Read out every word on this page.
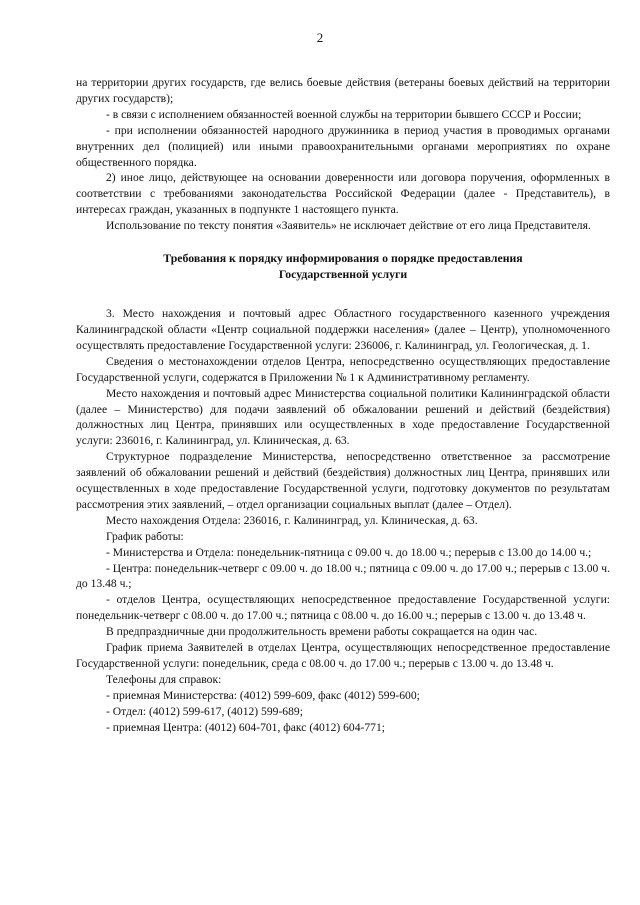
2

на территории других государств, где велись боевые действия (ветераны боевых действий на территории других государств);

- в связи с исполнением обязанностей военной службы на территории бывшего СССР и России;

- при исполнении обязанностей народного дружинника в период участия в проводимых органами внутренних дел (полицией) или иными правоохранительными органами мероприятиях по охране общественного порядка.

2) иное лицо, действующее на основании доверенности или договора поручения, оформленных в соответствии с требованиями законодательства Российской Федерации (далее - Представитель), в интересах граждан, указанных в подпункте 1 настоящего пункта.

Использование по тексту понятия «Заявитель» не исключает действие от его лица Представителя.

Требования к порядку информирования о порядке предоставления
Государственной услуги

3. Место нахождения и почтовый адрес Областного государственного казенного учреждения Калининградской области «Центр социальной поддержки населения» (далее – Центр), уполномоченного осуществлять предоставление Государственной услуги: 236006, г. Калининград, ул. Геологическая, д. 1.

Сведения о местонахождении отделов Центра, непосредственно осуществляющих предоставление Государственной услуги, содержатся в Приложении № 1 к Административному регламенту.

Место нахождения и почтовый адрес Министерства социальной политики Калининградской области (далее – Министерство) для подачи заявлений об обжаловании решений и действий (бездействия) должностных лиц Центра, принявших или осуществленных в ходе предоставление Государственной услуги: 236016, г. Калининград, ул. Клиническая, д. 63.

Структурное подразделение Министерства, непосредственно ответственное за рассмотрение заявлений об обжаловании решений и действий (бездействия) должностных лиц Центра, принявших или осуществленных в ходе предоставление Государственной услуги, подготовку документов по результатам рассмотрения этих заявлений, – отдел организации социальных выплат (далее – Отдел).

Место нахождения Отдела: 236016, г. Калининград, ул. Клиническая, д. 63.

График работы:

- Министерства и Отдела: понедельник-пятница с 09.00 ч. до 18.00 ч.; перерыв с 13.00 до 14.00 ч.;

- Центра: понедельник-четверг с 09.00 ч. до 18.00 ч.; пятница с 09.00 ч. до 17.00 ч.; перерыв с 13.00 ч. до 13.48 ч.;

- отделов Центра, осуществляющих непосредственное предоставление Государственной услуги: понедельник-четверг с 08.00 ч. до 17.00 ч.; пятница с 08.00 ч. до 16.00 ч.; перерыв с 13.00 ч. до 13.48 ч.

В предпраздничные дни продолжительность времени работы сокращается на один час.

График приема Заявителей в отделах Центра, осуществляющих непосредственное предоставление Государственной услуги: понедельник, среда с 08.00 ч. до 17.00 ч.; перерыв с 13.00 ч. до 13.48 ч.

Телефоны для справок:

- приемная Министерства: (4012) 599-609, факс (4012) 599-600;

- Отдел: (4012) 599-617, (4012) 599-689;

- приемная Центра: (4012) 604-701, факс (4012) 604-771;
